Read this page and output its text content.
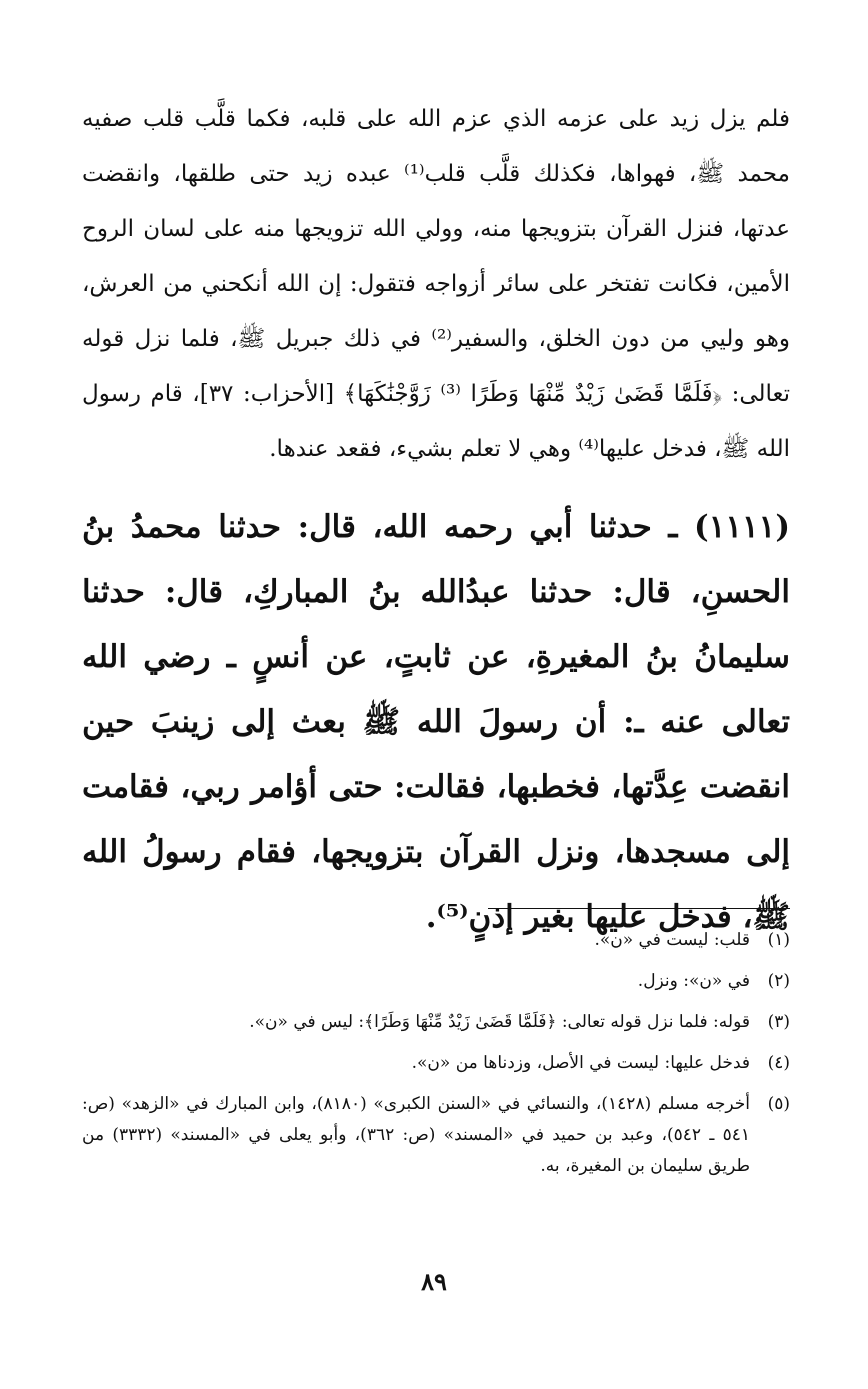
فلم يزل زيد على عزمه الذي عزم الله على قلبه، فكما قلَّب قلب صفيه محمد ﷺ، فهواها، فكذلك قلَّب قلب⁽¹⁾ عبده زيد حتى طلقها، وانقضت عدتها، فنزل القرآن بتزويجها منه، وولي الله تزويجها منه على لسان الروح الأمين، فكانت تفتخر على سائر أزواجه فتقول: إن الله أنكحني من العرش، وهو وليي من دون الخلق، والسفير⁽²⁾ في ذلك جبريل ﷺ، فلما نزل قوله تعالى: ﴿فَلَمَّا قَضَىٰ زَيْدٌ مِّنْهَا وَطَرًا ⁽³⁾ زَوَّجْنَٰكَهَا﴾ [الأحزاب: ٣٧]، قام رسول الله ﷺ، فدخل عليها⁽⁴⁾ وهي لا تعلم بشيء، فقعد عندها.

(١١١١) ـ حدثنا أبي رحمه الله، قال: حدثنا محمدُ بنُ الحسنِ، قال: حدثنا عبدُالله بنُ المباركِ، قال: حدثنا سليمانُ بنُ المغيرةِ، عن ثابتٍ، عن أنسٍ ـ رضي الله تعالى عنه ـ: أن رسولَ الله ﷺ بعث إلى زينبَ حين انقضت عِدَّتها، فخطبها، فقالت: حتى أؤامر ربي، فقامت إلى مسجدها، ونزل القرآن بتزويجها، فقام رسولُ الله ﷺ، فدخل عليها بغير إذنٍ⁽⁵⁾.

(١)
قلب: ليست في «ن».
(٢)
في «ن»: ونزل.
(٣)
قوله: فلما نزل قوله تعالى: ﴿فَلَمَّا قَضَىٰ زَيْدٌ مِّنْهَا وَطَرًا﴾: ليس في «ن».
(٤)
فدخل عليها: ليست في الأصل، وزدناها من «ن».
(٥)
أخرجه مسلم (١٤٢٨)، والنسائي في «السنن الكبرى» (٨١٨٠)، وابن المبارك في «الزهد» (ص: ٥٤١ ـ ٥٤٢)، وعبد بن حميد في «المسند» (ص: ٣٦٢)، وأبو يعلى في «المسند» (٣٣٣٢) من طريق سليمان بن المغيرة، به.
٨٩
